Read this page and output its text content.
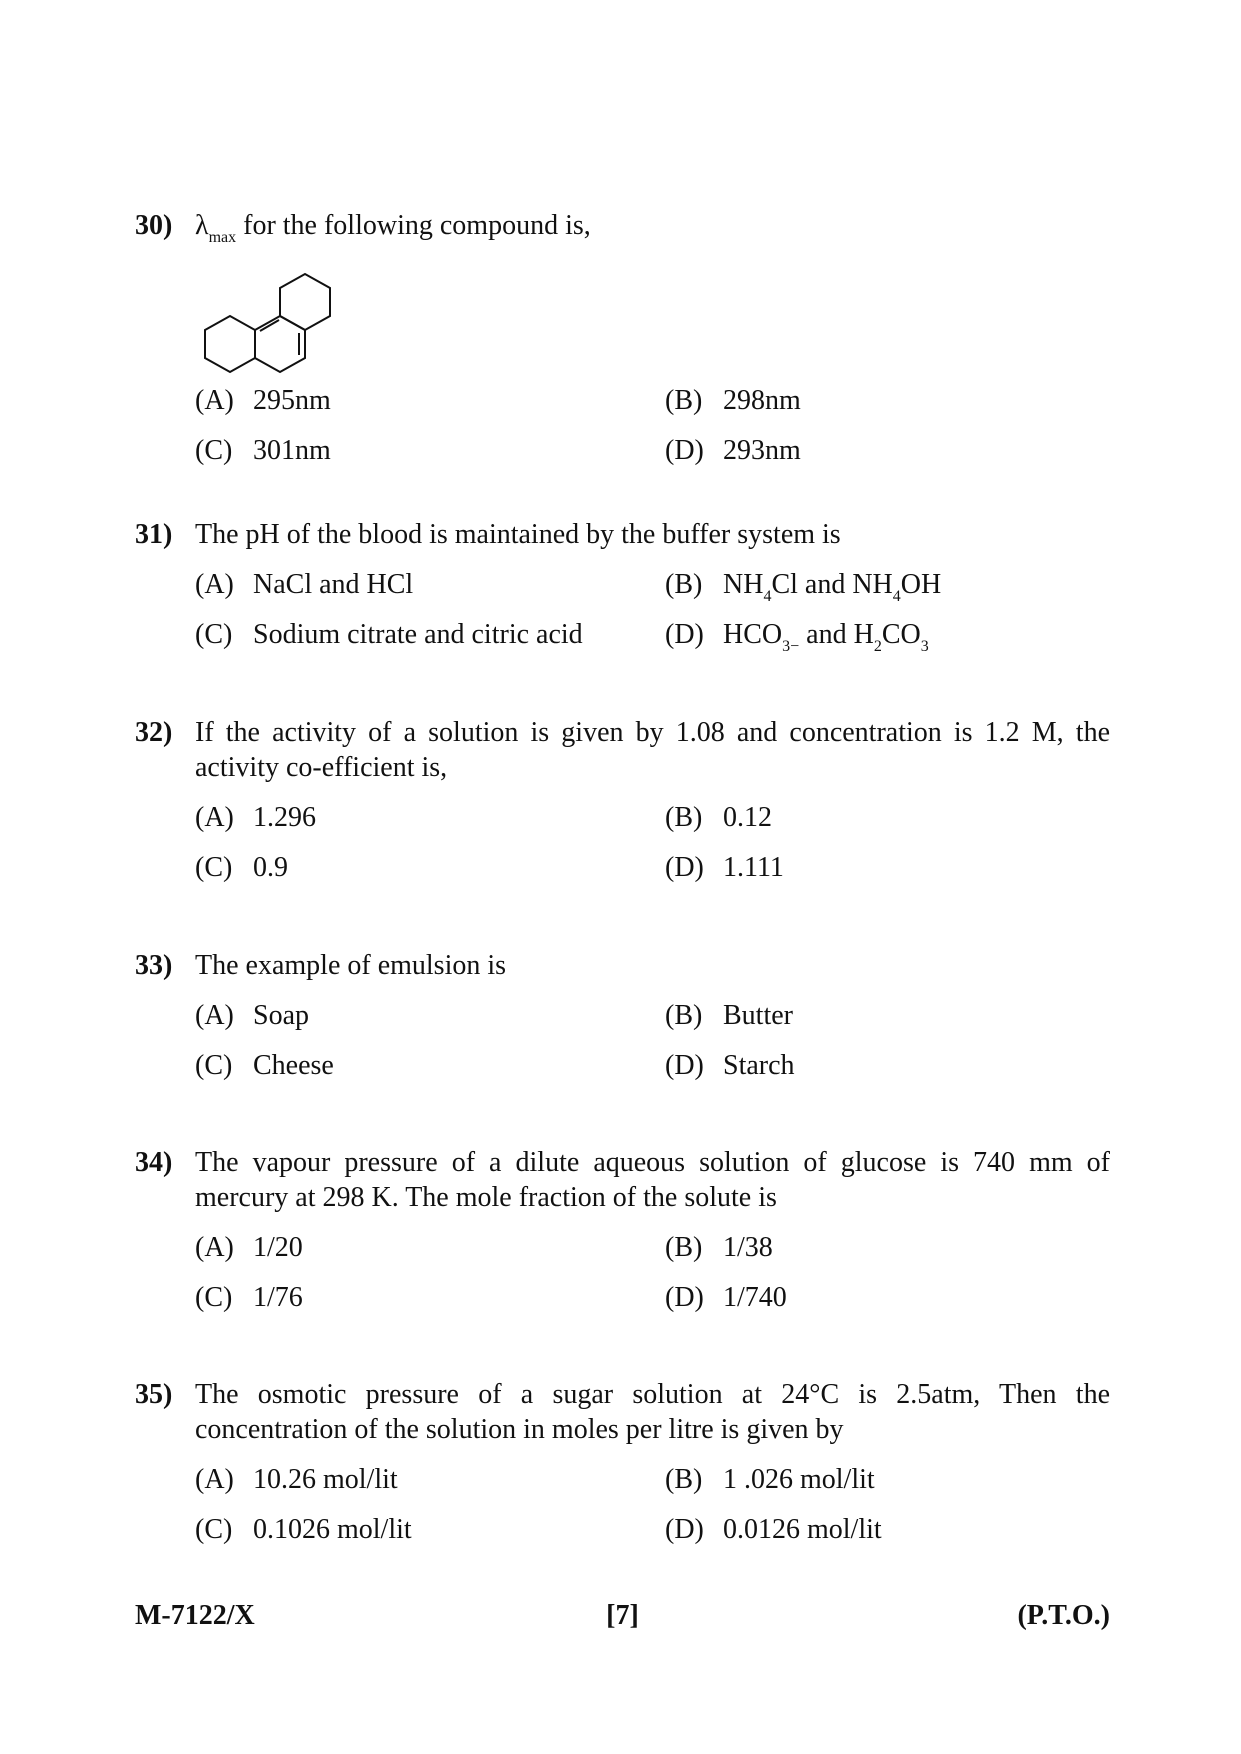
30) $\lambda_{max}$ for the following compound is,
(A) 295nm	(B) 298nm
(C) 301nm	(D) 293nm
31) The pH of the blood is maintained by the buffer system is
(A) NaCl and HCl	(B) $NH_4Cl$ and $NH_4OH$
(C) Sodium citrate and citric acid	(D) $HCO_{3-}$ and $H_2CO_3$
32) If the activity of a solution is given by 1.08 and concentration is 1.2 M, the activity co-efficient is,
(A) 1.296	(B) 0.12
(C) 0.9	(D) 1.111
33) The example of emulsion is
(A) Soap	(B) Butter
(C) Cheese	(D) Starch
34) The vapour pressure of a dilute aqueous solution of glucose is 740 mm of mercury at 298 K. The mole fraction of the solute is
(A) 1/20	(B) 1/38
(C) 1/76	(D) 1/740
35) The osmotic pressure of a sugar solution at 24°C is 2.5atm, Then the concentration of the solution in moles per litre is given by
(A) 10.26 mol/lit	(B) 1 .026 mol/lit
(C) 0.1026 mol/lit	(D) 0.0126 mol/lit
[7]
M-7122/X	(P.T.O.)
